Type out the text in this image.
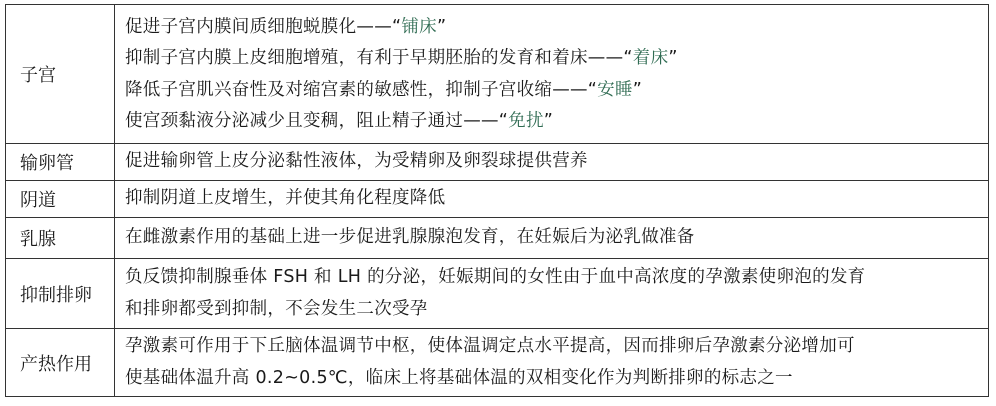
子宫	促进子宫内膜间质细胞蜕膜化——“铺床”
抑制子宫内膜上皮细胞增殖，有利于早期胚胎的发育和着床——“着床”
降低子宫肌兴奋性及对缩宫素的敏感性，抑制子宫收缩——“安睡”
使宫颈黏液分泌减少且变稠，阻止精子通过——“免扰”

输卵管	促进输卵管上皮分泌黏性液体，为受精卵及卵裂球提供营养

阴道	抑制阴道上皮增生，并使其角化程度降低

乳腺	在雌激素作用的基础上进一步促进乳腺腺泡发育，在妊娠后为泌乳做准备

抑制排卵	负反馈抑制腺垂体 FSH 和 LH 的分泌，妊娠期间的女性由于血中高浓度的孕激素使卵泡的发育
和排卵都受到抑制，不会发生二次受孕

产热作用	孕激素可作用于下丘脑体温调节中枢，使体温调定点水平提高，因而排卵后孕激素分泌增加可
使基础体温升高 0.2~0.5℃，临床上将基础体温的双相变化作为判断排卵的标志之一
